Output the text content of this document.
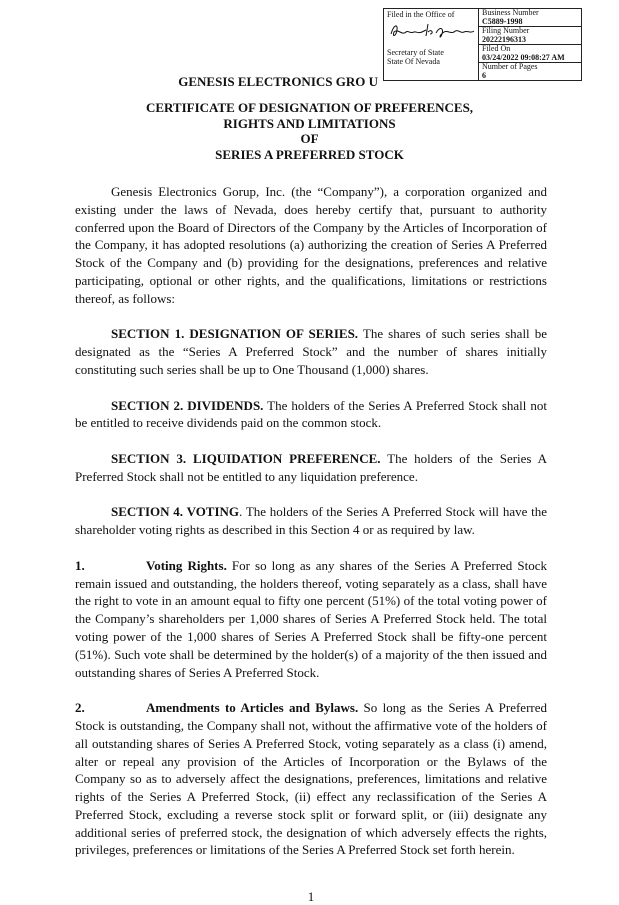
GENESIS ELECTRONICS GRO U
Filed in the Office of
Secretary of State
State Of Nevada
Business Number
C5889-1998
Filing Number
20222196313
Filed On
03/24/2022 09:08:27 AM
Number of Pages
6
CERTIFICATE OF DESIGNATION OF PREFERENCES,
RIGHTS AND LIMITATIONS
OF
SERIES A PREFERRED STOCK

Genesis Electronics Gorup, Inc. (the “Company”), a corporation organized and existing under the laws of Nevada, does hereby certify that, pursuant to authority conferred upon the Board of Directors of the Company by the Articles of Incorporation of the Company, it has adopted resolutions (a) authorizing the creation of Series A Preferred Stock of the Company and (b) providing for the designations, preferences and relative participating, optional or other rights, and the qualifications, limitations or restrictions thereof, as follows:

SECTION 1. DESIGNATION OF SERIES. The shares of such series shall be designated as the “Series A Preferred Stock” and the number of shares initially constituting such series shall be up to One Thousand (1,000) shares.

SECTION 2. DIVIDENDS. The holders of the Series A Preferred Stock shall not be entitled to receive dividends paid on the common stock.

SECTION 3. LIQUIDATION PREFERENCE. The holders of the Series A Preferred Stock shall not be entitled to any liquidation preference.

SECTION 4. VOTING. The holders of the Series A Preferred Stock will have the shareholder voting rights as described in this Section 4 or as required by law.

1.	Voting Rights. For so long as any shares of the Series A Preferred Stock remain issued and outstanding, the holders thereof, voting separately as a class, shall have the right to vote in an amount equal to fifty one percent (51%) of the total voting power of the Company’s shareholders per 1,000 shares of Series A Preferred Stock held. The total voting power of the 1,000 shares of Series A Preferred Stock shall be fifty-one percent (51%). Such vote shall be determined by the holder(s) of a majority of the then issued and outstanding shares of Series A Preferred Stock.

2.	Amendments to Articles and Bylaws. So long as the Series A Preferred Stock is outstanding, the Company shall not, without the affirmative vote of the holders of all outstanding shares of Series A Preferred Stock, voting separately as a class (i) amend, alter or repeal any provision of the Articles of Incorporation or the Bylaws of the Company so as to adversely affect the designations, preferences, limitations and relative rights of the Series A Preferred Stock, (ii) effect any reclassification of the Series A Preferred Stock, excluding a reverse stock split or forward split, or (iii) designate any additional series of preferred stock, the designation of which adversely effects the rights, privileges, preferences or limitations of the Series A Preferred Stock set forth herein.

1
